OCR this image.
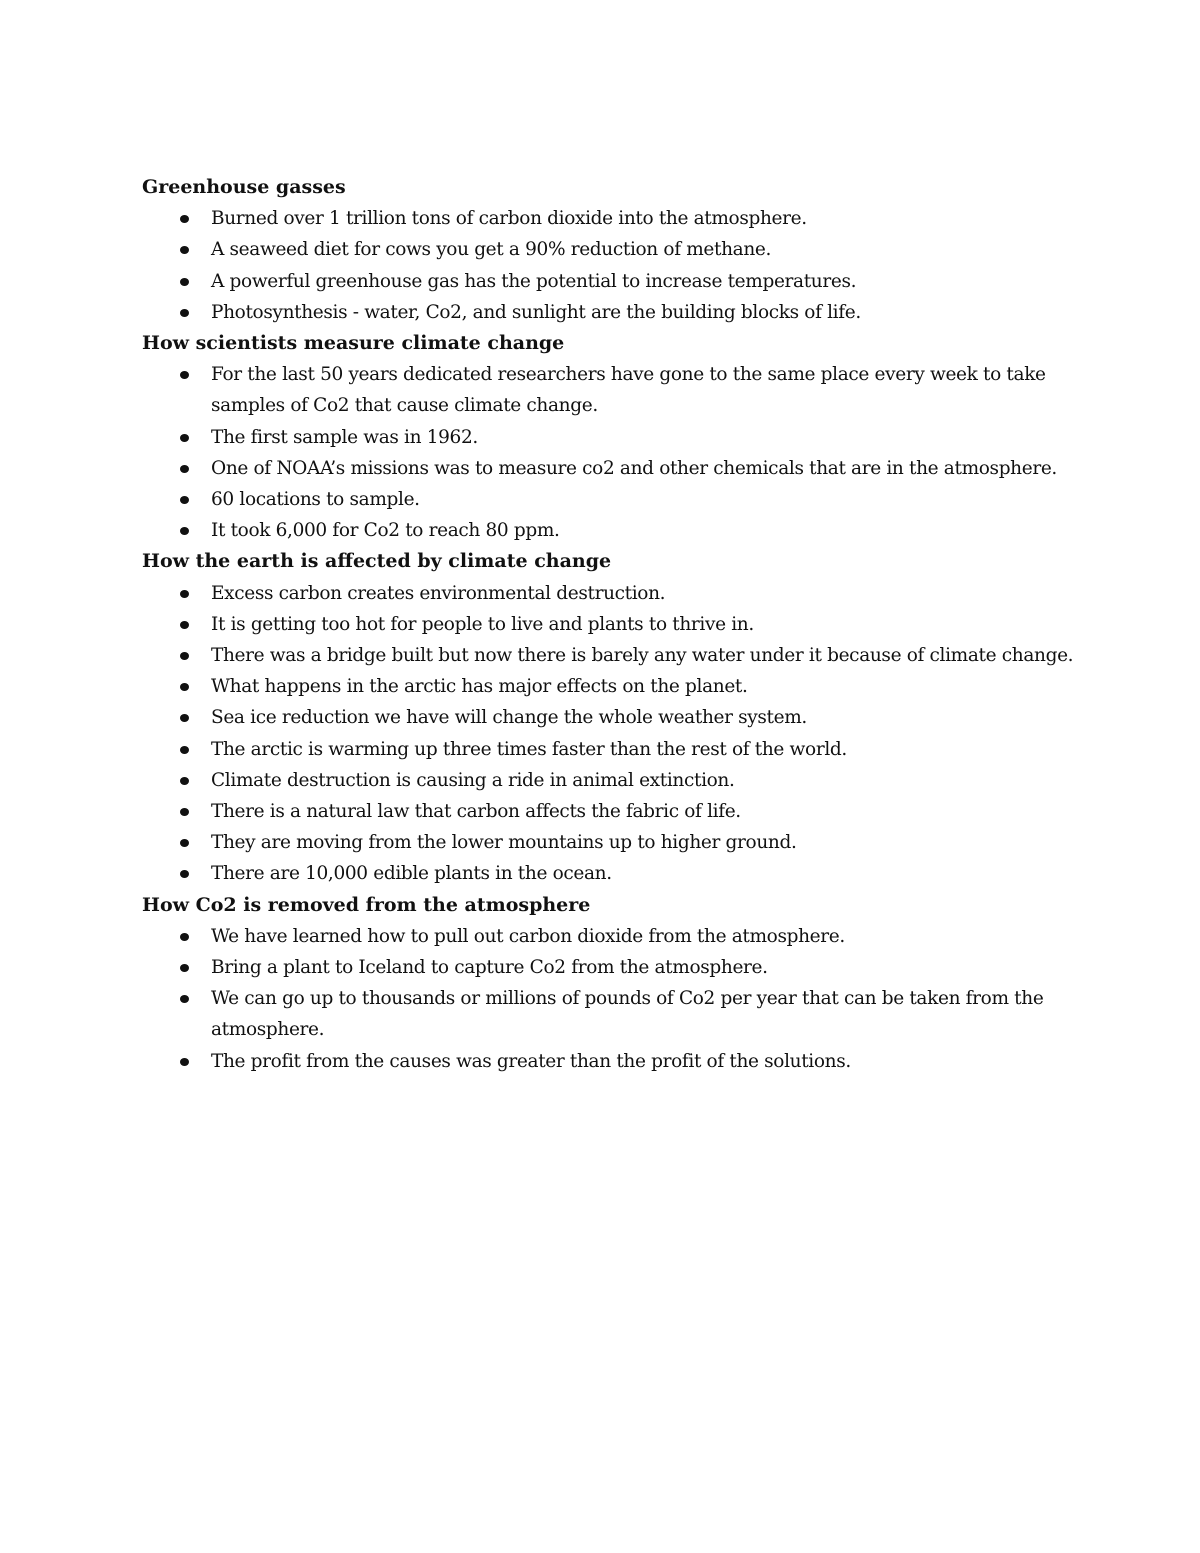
Greenhouse gasses
Burned over 1 trillion tons of carbon dioxide into the atmosphere.
A seaweed diet for cows you get a 90% reduction of methane.
A powerful greenhouse gas has the potential to increase temperatures.
Photosynthesis - water, Co2, and sunlight are the building blocks of life.
How scientists measure climate change
For the last 50 years dedicated researchers have gone to the same place every week to take samples of Co2 that cause climate change.
The first sample was in 1962.
One of NOAA’s missions was to measure co2 and other chemicals that are in the atmosphere.
60 locations to sample.
It took 6,000 for Co2 to reach 80 ppm.
How the earth is affected by climate change
Excess carbon creates environmental destruction.
It is getting too hot for people to live and plants to thrive in.
There was a bridge built but now there is barely any water under it because of climate change.
What happens in the arctic has major effects on the planet.
Sea ice reduction we have will change the whole weather system.
The arctic is warming up three times faster than the rest of the world.
Climate destruction is causing a ride in animal extinction.
There is a natural law that carbon affects the fabric of life.
They are moving from the lower mountains up to higher ground.
There are 10,000 edible plants in the ocean.
How Co2 is removed from the atmosphere
We have learned how to pull out carbon dioxide from the atmosphere.
Bring a plant to Iceland to capture Co2 from the atmosphere.
We can go up to thousands or millions of pounds of Co2 per year that can be taken from the atmosphere.
The profit from the causes was greater than the profit of the solutions.
